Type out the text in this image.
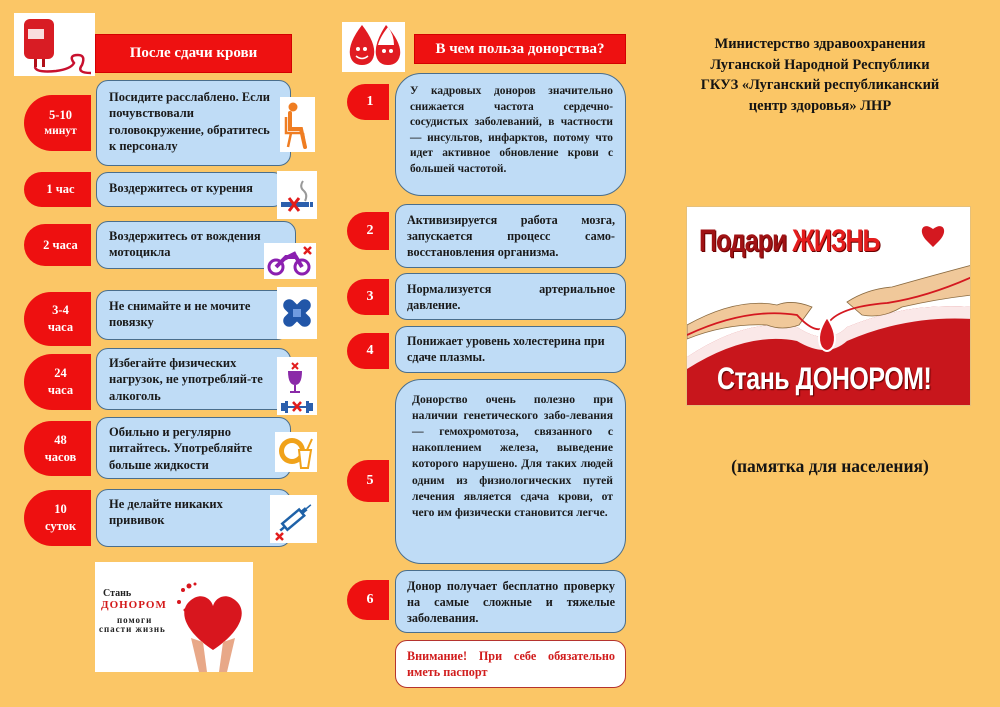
После сдачи крови
5-10
минут
Посидите расслаблено. Если почувствовали головокружение, обратитесь к персоналу
1 час	Воздержитесь от курения
2 часа
Воздержитесь от вождения мотоцикла
3-4
часа
Не снимайте и не мочите повязку
24
часа
Избегайте физических нагрузок, не употребляй-те алкоголь
48
часов
Обильно и регулярно питайтесь. Употребляйте больше жидкости
10
суток
Не делайте никаких прививок
Стань
ДОНОРОМ
помоги
спасти жизнь
В чем польза донорства?
1
У кадровых доноров значительно снижается частота сердечно-сосудистых заболеваний, в частности — инсультов, инфарктов, потому что идет активное обновление крови с большей частотой.
2
Активизируется работа мозга, запускается процесс само-восстановления организма.
3	Нормализуется артериальное давление.
4
Понижает уровень холестерина при сдаче плазмы.
5
Донорство очень полезно при наличии генетического забо-левания — гемохромотоза, связанного с накоплением железа, выведение которого нарушено. Для таких людей одним из физиологических путей лечения является сдача крови, от чего им физически становится легче.
6
Донор получает бесплатно проверку на самые сложные и тяжелые заболевания.
Внимание! При себе обязательно иметь паспорт
Министерство здравоохранения
Луганской Народной Республики
ГКУЗ «Луганский республиканский
центр здоровья» ЛНР
Подари ЖИЗНЬ
Стань ДОНОРОМ!
(памятка для населения)
